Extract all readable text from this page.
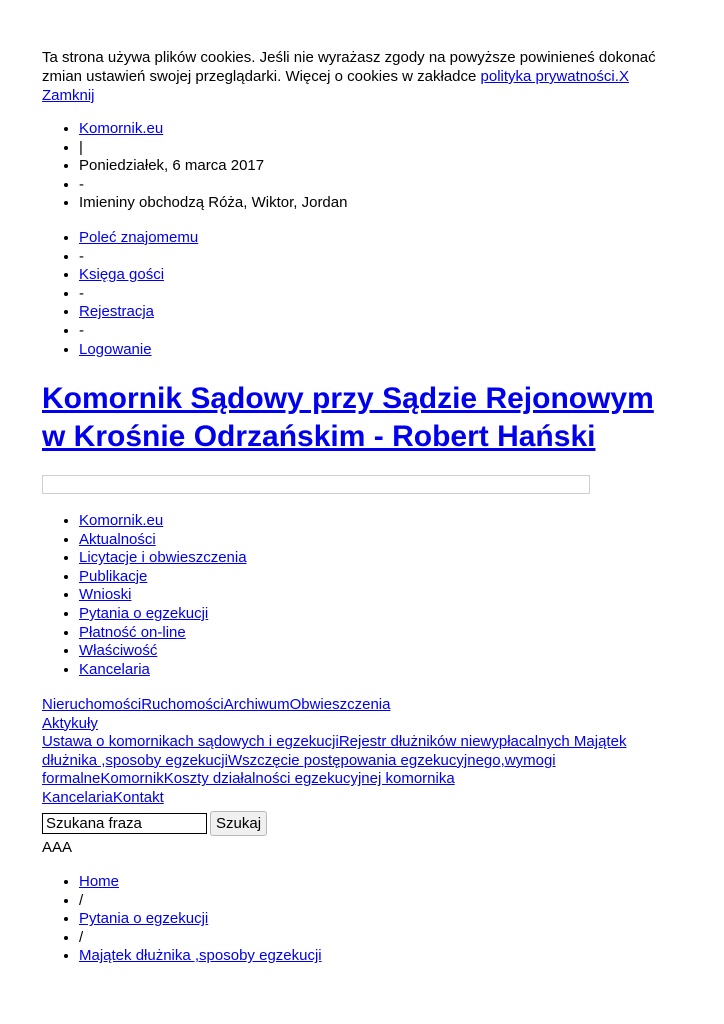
Ta strona używa plików cookies. Jeśli nie wyrażasz zgody na powyższe powinieneś dokonać zmian ustawień swojej przeglądarki. Więcej o cookies w zakładce polityka prywatności.X Zamknij
• Komornik.eu
• |
• Poniedziałek, 6 marca 2017
• -
• Imieniny obchodzą Róża, Wiktor, Jordan
• Poleć znajomemu
• -
• Księga gości
• -
• Rejestracja
• -
• Logowanie
Komornik Sądowy przy Sądzie Rejonowym w Krośnie Odrzańskim - Robert Hański
• Komornik.eu
• Aktualności
• Licytacje i obwieszczenia
• Publikacje
• Wnioski
• Pytania o egzekucji
• Płatność on-line
• Właściwość
• Kancelaria
NieruchomościRuchomościArchiwumObwieszczenia
Aktykuły
Ustawa o komornikach sądowych i egzekucjiRejestr dłużników niewypłacalnych Majątek dłużnika ,sposoby egzekucjiWszczęcie postępowania egzekucyjnego,wymogi formalneKomornikKoszty działalności egzekucyjnej komornika
KancelariaKontakt
Szukana fraza
Szukaj
AAA
• Home
• /
• Pytania o egzekucji
• /
• Majątek dłużnika ,sposoby egzekucji
